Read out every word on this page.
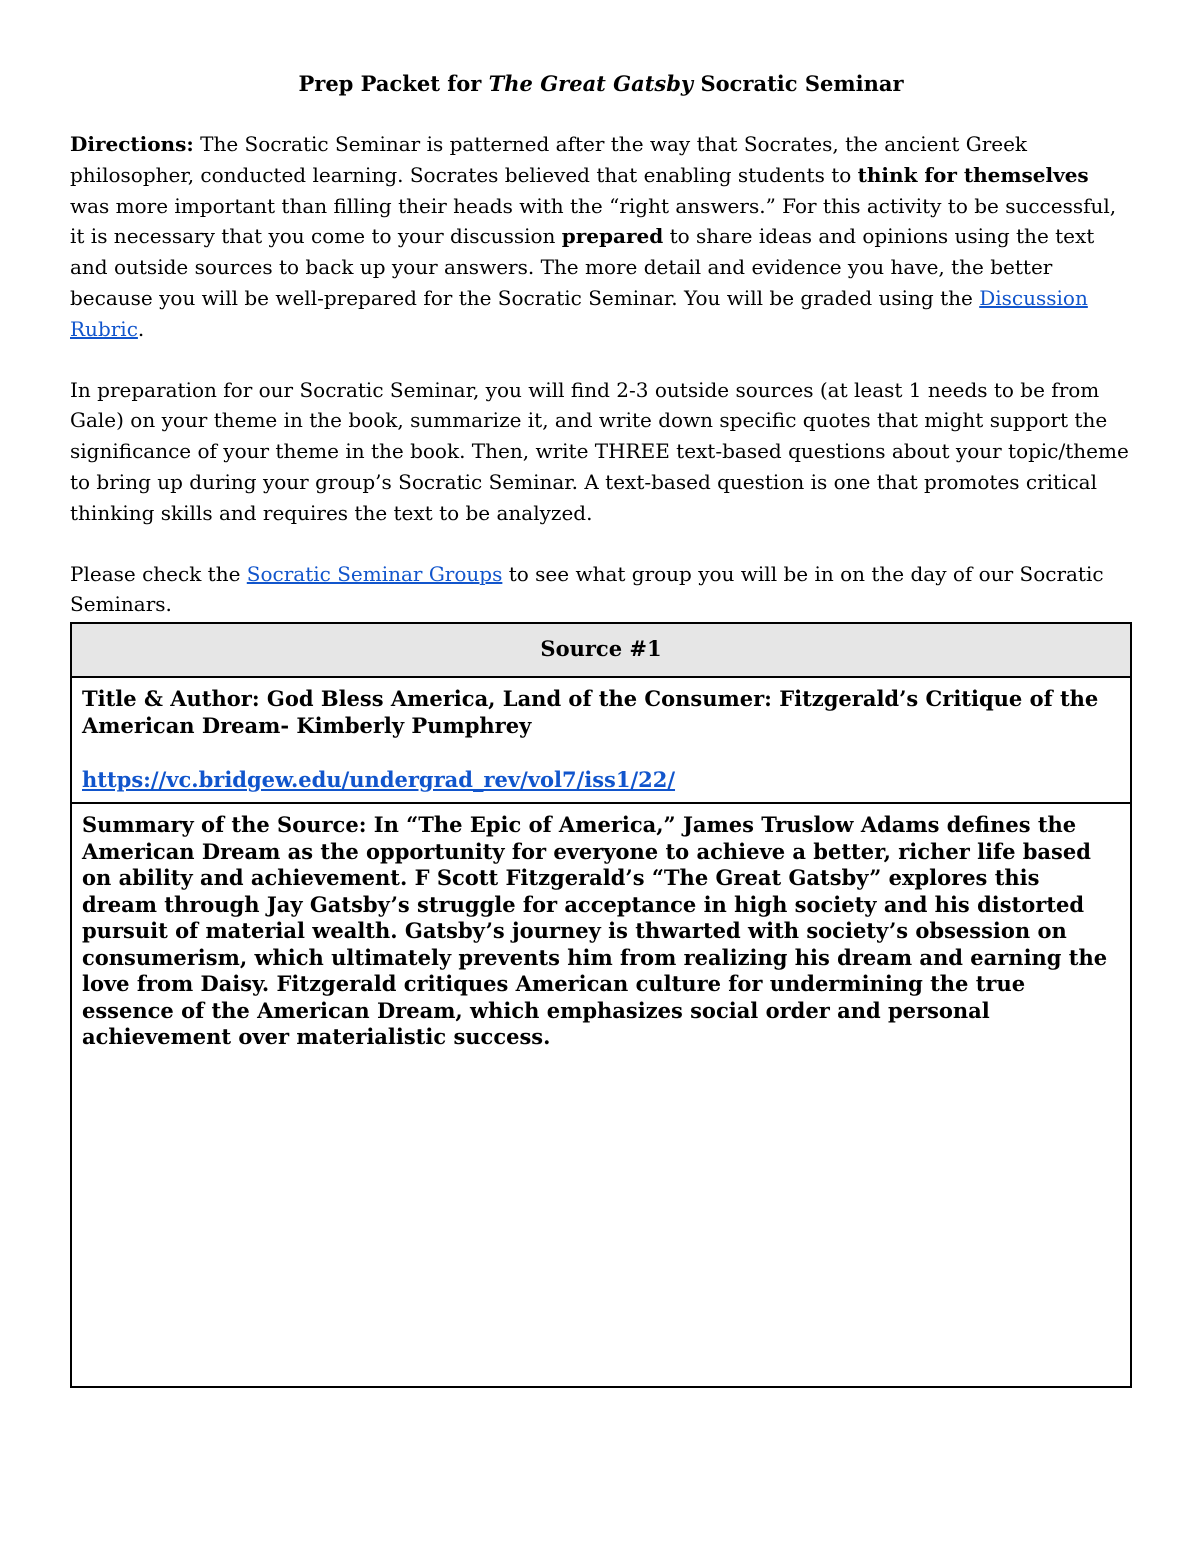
Prep Packet for The Great Gatsby Socratic Seminar

Directions: The Socratic Seminar is patterned after the way that Socrates, the ancient Greek philosopher, conducted learning. Socrates believed that enabling students to think for themselves was more important than filling their heads with the “right answers.” For this activity to be successful, it is necessary that you come to your discussion prepared to share ideas and opinions using the text and outside sources to back up your answers. The more detail and evidence you have, the better because you will be well-prepared for the Socratic Seminar. You will be graded using the Discussion Rubric.

In preparation for our Socratic Seminar, you will find 2-3 outside sources (at least 1 needs to be from Gale) on your theme in the book, summarize it, and write down specific quotes that might support the significance of your theme in the book. Then, write THREE text-based questions about your topic/theme to bring up during your group’s Socratic Seminar. A text-based question is one that promotes critical thinking skills and requires the text to be analyzed.

Please check the Socratic Seminar Groups to see what group you will be in on the day of our Socratic Seminars.

Source #1

Title & Author: God Bless America, Land of the Consumer: Fitzgerald’s Critique of the American Dream- Kimberly Pumphrey
https://vc.bridgew.edu/undergrad_rev/vol7/iss1/22/
Summary of the Source: In “The Epic of America,” James Truslow Adams defines the American Dream as the opportunity for everyone to achieve a better, richer life based on ability and achievement. F Scott Fitzgerald’s “The Great Gatsby” explores this dream through Jay Gatsby’s struggle for acceptance in high society and his distorted pursuit of material wealth. Gatsby’s journey is thwarted with society’s obsession on consumerism, which ultimately prevents him from realizing his dream and earning the love from Daisy. Fitzgerald critiques American culture for undermining the true essence of the American Dream, which emphasizes social order and personal achievement over materialistic success.
